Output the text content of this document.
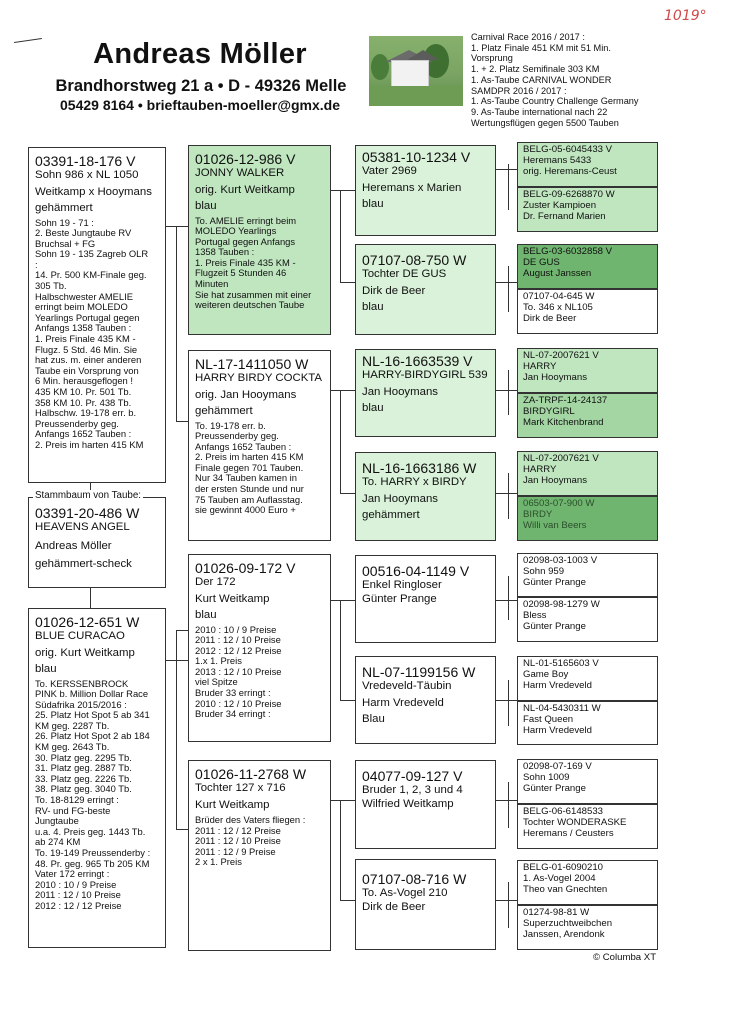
1019°
Andreas Möller
Brandhorstweg 21 a • D - 49326 Melle
05429 8164 • brieftauben-moeller@gmx.de
Carnival Race 2016 / 2017 :
1. Platz Finale 451 KM mit 51 Min.
Vorsprung
1. + 2. Platz Semifinale 303 KM
1. As-Taube CARNIVAL WONDER
SAMDPR 2016 / 2017 :
1. As-Taube Country Challenge Germany
9. As-Taube international nach 22
Wertungsflügen gegen 5500 Tauben
03391-18-176 V
Sohn 986 x NL 1050
Weitkamp x Hooymans
gehämmert
Sohn 19 - 71 :
2. Beste Jungtaube RV
Bruchsal + FG
Sohn 19 - 135 Zagreb OLR
:
14. Pr. 500 KM-Finale geg.
305 Tb.
Halbschwester AMELIE
erringt beim MOLEDO
Yearlings Portugal gegen
Anfangs 1358 Tauben :
1. Preis Finale 435 KM -
Flugz. 5 Std. 46 Min. Sie
hat zus. m. einer anderen
Taube ein Vorsprung von
6 Min. herausgeflogen !
435 KM 10. Pr. 501 Tb.
358 KM 10. Pr. 438 Tb.
Halbschw. 19-178 err. b.
Preussenderby geg.
Anfangs 1652 Tauben :
2. Preis im harten 415 KM
03391-20-486 W
HEAVENS ANGEL
Andreas Möller
gehämmert-scheck
Stammbaum von Taube:
01026-12-651 W
BLUE CURACAO
orig. Kurt Weitkamp
blau
To. KERSSENBROCK
PINK b. Million Dollar Race
Südafrika 2015/2016 :
25. Platz Hot Spot 5 ab 341
KM geg. 2287 Tb.
26. Platz Hot Spot 2 ab 184
KM geg. 2643 Tb.
30. Platz geg. 2295 Tb.
31. Platz geg. 2887 Tb.
33. Platz geg. 2226 Tb.
38. Platz geg. 3040 Tb.
To. 18-8129 erringt :
RV- und FG-beste
Jungtaube
u.a. 4. Preis geg. 1443 Tb.
ab 274 KM
To. 19-149 Preussenderby :
48. Pr. geg. 965 Tb 205 KM
Vater 172 erringt :
2010 : 10 / 9 Preise
2011 : 12 / 10 Preise
2012 : 12 / 12 Preise
01026-12-986 V
JONNY WALKER
orig. Kurt Weitkamp
blau
To. AMELIE erringt beim
MOLEDO Yearlings
Portugal gegen Anfangs
1358 Tauben :
1. Preis Finale 435 KM -
Flugzeit 5 Stunden 46
Minuten
Sie hat zusammen mit einer
weiteren deutschen Taube
NL-17-1411050 W
HARRY BIRDY COCKTA
orig. Jan Hooymans
gehämmert
To. 19-178 err. b.
Preussenderby geg.
Anfangs 1652 Tauben :
2. Preis im harten 415 KM
Finale gegen 701 Tauben.
Nur 34 Tauben kamen in
der ersten Stunde und nur
75 Tauben am Auflasstag.
sie gewinnt 4000 Euro +
01026-09-172 V
Der 172
Kurt Weitkamp
blau
2010 : 10 / 9 Preise
2011 : 12 / 10 Preise
2012 : 12 / 12 Preise
1.x 1. Preis
2013 : 12 / 10 Preise
viel Spitze
Bruder 33 erringt :
2010 : 12 / 10 Preise
Bruder 34 erringt :
01026-11-2768 W
Tochter 127 x 716
Kurt Weitkamp
Brüder des Vaters fliegen :
2011 : 12 / 12 Preise
2011 : 12 / 10 Preise
2011 : 12 / 9 Preise
2 x 1. Preis
05381-10-1234 V
Vater 2969
Heremans x Marien
blau
07107-08-750 W
Tochter DE GUS
Dirk de Beer
blau
NL-16-1663539 V
HARRY-BIRDYGIRL 539
Jan Hooymans
blau
NL-16-1663186 W
To. HARRY x BIRDY
Jan Hooymans
gehämmert
00516-04-1149 V
Enkel Ringloser
Günter Prange
NL-07-1199156 W
Vredeveld-Täubin
Harm Vredeveld
Blau
04077-09-127 V
Bruder 1, 2, 3 und 4
Wilfried Weitkamp
07107-08-716 W
To. As-Vogel 210
Dirk de Beer
BELG-05-6045433 V
Heremans 5433
orig. Heremans-Ceust
BELG-09-6268870 W
Zuster Kampioen
Dr. Fernand Marien
BELG-03-6032858 V
DE GUS
August Janssen
07107-04-645 W
To. 346 x NL105
Dirk de Beer
NL-07-2007621 V
HARRY
Jan Hooymans
ZA-TRPF-14-24137
BIRDYGIRL
Mark Kitchenbrand
NL-07-2007621 V
HARRY
Jan Hooymans
06503-07-900 W
BIRDY
Willi van Beers
02098-03-1003 V
Sohn 959
Günter Prange
02098-98-1279 W
Bless
Günter Prange
NL-01-5165603 V
Game Boy
Harm Vredeveld
NL-04-5430311 W
Fast Queen
Harm Vredeveld
02098-07-169 V
Sohn 1009
Günter Prange
BELG-06-6148533
Tochter WONDERASKE
Heremans / Ceusters
BELG-01-6090210
1. As-Vogel 2004
Theo van Gnechten
01274-98-81 W
Superzuchtweibchen
Janssen, Arendonk
© Columba XT
